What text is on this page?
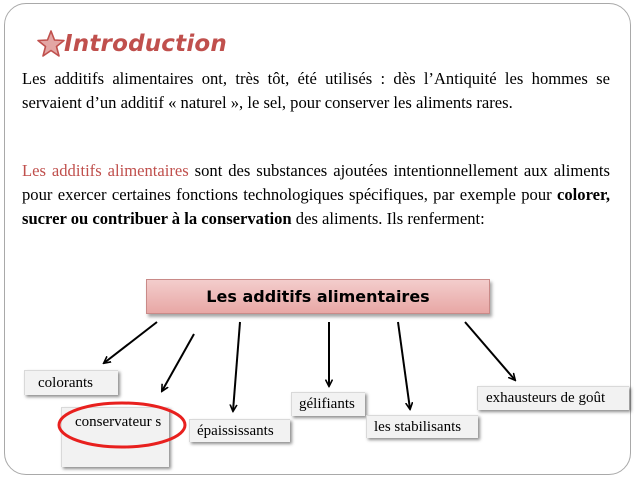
Introduction
Les additifs alimentaires ont, très tôt, été utilisés : dès l’Antiquité les hommes se servaient d’un additif « naturel », le sel, pour conserver les aliments rares.
Les additifs alimentaires sont des substances ajoutées intentionnellement aux aliments pour exercer certaines fonctions technologiques spécifiques, par exemple pour colorer, sucrer ou contribuer à la conservation des aliments. Ils renferment:
Les additifs alimentaires
colorants
conservateur s
épaississants
gélifiants
les stabilisants
exhausteurs de goût
